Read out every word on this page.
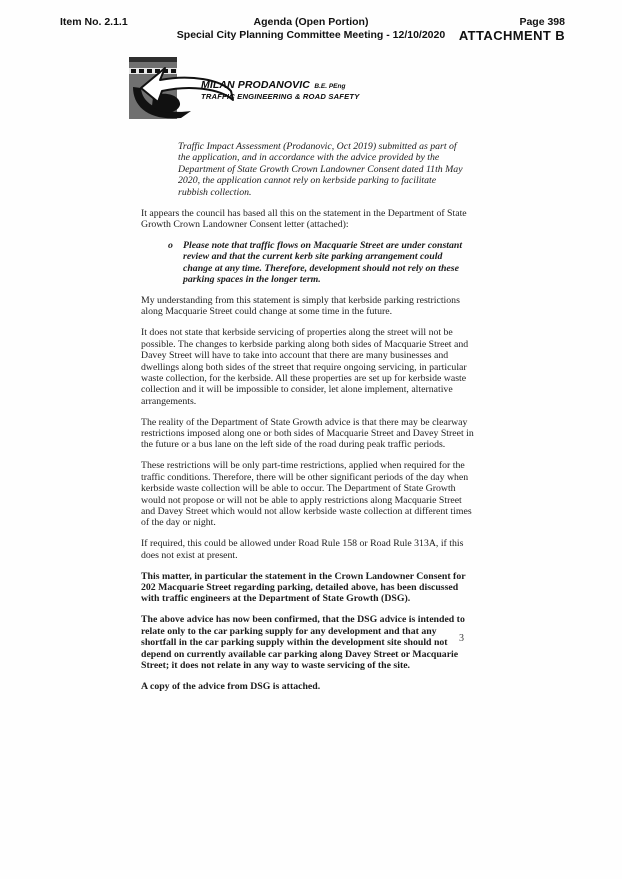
Item No. 2.1.1	Agenda (Open Portion)
Special City Planning Committee Meeting - 12/10/2020
Page 398
ATTACHMENT B
MILAN PRODANOVIC B.E. PEng
TRAFFIC ENGINEERING & ROAD SAFETY

Traffic Impact Assessment (Prodanovic, Oct 2019) submitted as part of the application, and in accordance with the advice provided by the Department of State Growth Crown Landowner Consent dated 11th May 2020, the application cannot rely on kerbside parking to facilitate rubbish collection.

It appears the council has based all this on the statement in the Department of State Growth Crown Landowner Consent letter (attached):

o	Please note that traffic flows on Macquarie Street are under constant review and that the current kerb site parking arrangement could change at any time. Therefore, development should not rely on these parking spaces in the longer term.

My understanding from this statement is simply that kerbside parking restrictions along Macquarie Street could change at some time in the future.

It does not state that kerbside servicing of properties along the street will not be possible. The changes to kerbside parking along both sides of Macquarie Street and Davey Street will have to take into account that there are many businesses and dwellings along both sides of the street that require ongoing servicing, in particular waste collection, for the kerbside. All these properties are set up for kerbside waste collection and it will be impossible to consider, let alone implement, alternative arrangements.

The reality of the Department of State Growth advice is that there may be clearway restrictions imposed along one or both sides of Macquarie Street and Davey Street in the future or a bus lane on the left side of the road during peak traffic periods.

These restrictions will be only part-time restrictions, applied when required for the traffic conditions. Therefore, there will be other significant periods of the day when kerbside waste collection will be able to occur. The Department of State Growth would not propose or will not be able to apply restrictions along Macquarie Street and Davey Street which would not allow kerbside waste collection at different times of the day or night.

If required, this could be allowed under Road Rule 158 or Road Rule 313A, if this does not exist at present.

This matter, in particular the statement in the Crown Landowner Consent for 202 Macquarie Street regarding parking, detailed above, has been discussed with traffic engineers at the Department of State Growth (DSG).

The above advice has now been confirmed, that the DSG advice is intended to relate only to the car parking supply for any development and that any shortfall in the car parking supply within the development site should not depend on currently available car parking along Davey Street or Macquarie Street; it does not relate in any way to waste servicing of the site.

A copy of the advice from DSG is attached.

3
